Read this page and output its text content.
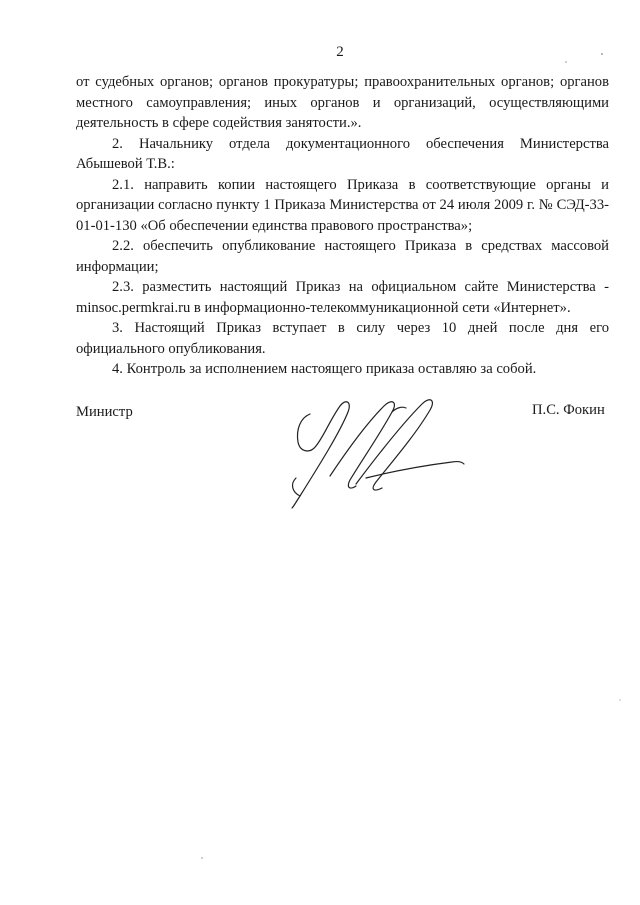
2

от судебных органов; органов прокуратуры; правоохранительных органов; органов местного самоуправления; иных органов и организаций, осуществляющими деятельность в сфере содействия занятости.».

2. Начальнику отдела документационного обеспечения Министерства Абышевой Т.В.:

2.1. направить копии настоящего Приказа в соответствующие органы и организации согласно пункту 1 Приказа Министерства от 24 июля 2009 г. № СЭД-33-01-01-130 «Об обеспечении единства правового пространства»;

2.2. обеспечить опубликование настоящего Приказа в средствах массовой информации;

2.3. разместить настоящий Приказ на официальном сайте Министерства - minsoc.permkrai.ru в информационно-телекоммуникационной сети «Интернет».

3. Настоящий Приказ вступает в силу через 10 дней после дня его официального опубликования.

4. Контроль за исполнением настоящего приказа оставляю за собой.

Министр	П.С. Фокин
